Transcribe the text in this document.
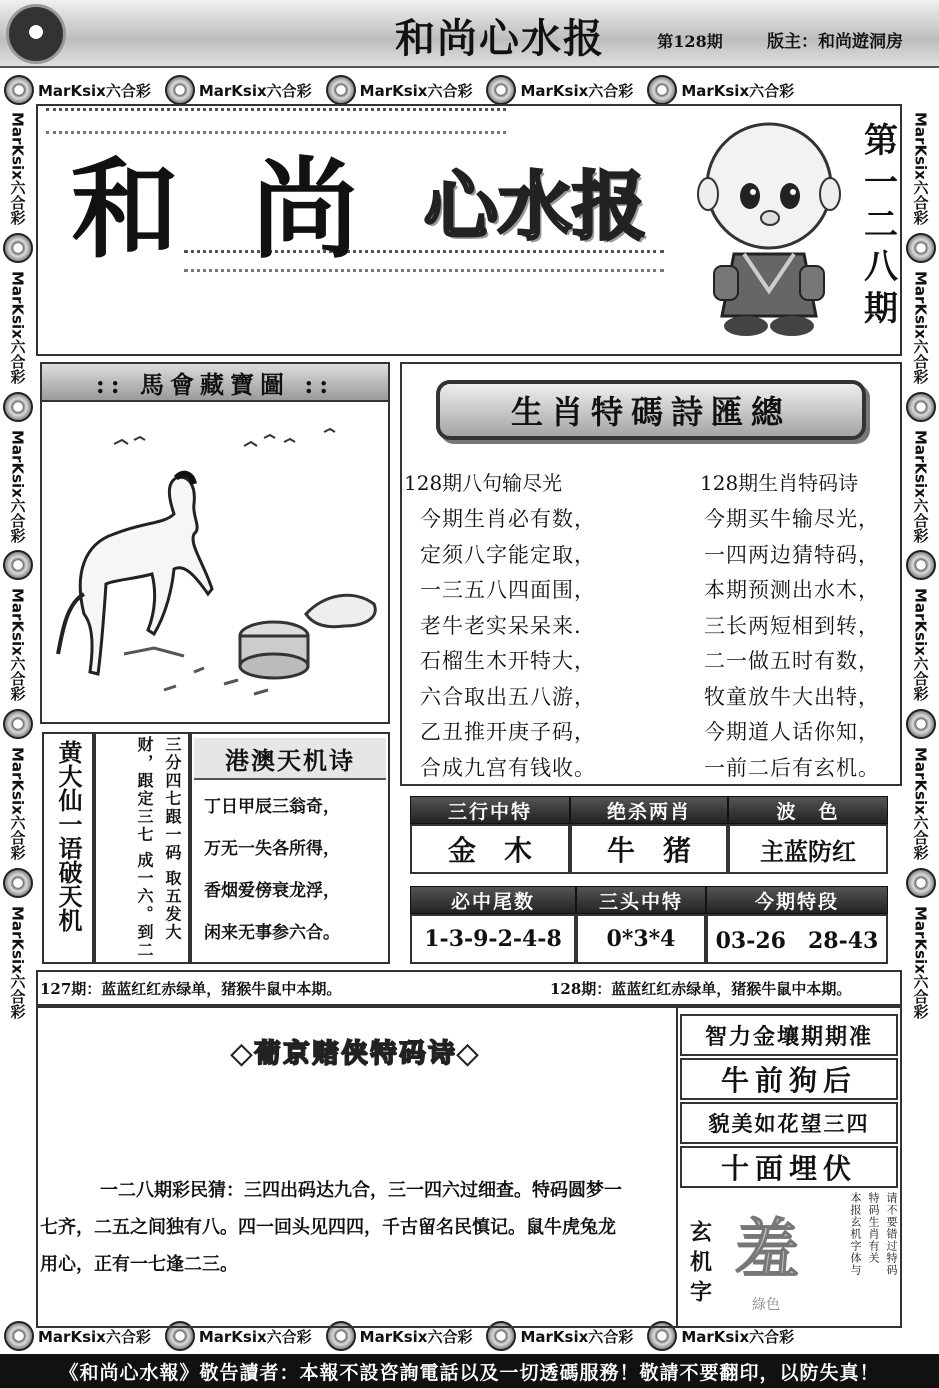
和尚心水报	第128期	版主：和尚遊洞房
MarKsix六合彩	MarKsix六合彩	MarKsix六合彩	MarKsix六合彩	MarKsix六合彩
MarKsix六合彩	MarKsix六合彩	MarKsix六合彩	MarKsix六合彩	MarKsix六合彩
MarKsix六合彩
MarKsix六合彩
MarKsix六合彩
MarKsix六合彩
MarKsix六合彩
MarKsix六合彩
MarKsix六合彩
MarKsix六合彩
MarKsix六合彩
MarKsix六合彩
MarKsix六合彩
MarKsix六合彩
和 尚 心水报	第一二八期
:: 馬會藏寶圖 ::
黄大仙一语破天机	三分四七跟一码 取五发大财，跟定三七 成一六。到二	港澳天机诗
丁日甲辰三翁奇，
万无一失各所得，
香烟爱傍衰龙浮，
闲来无事参六合。
生肖特碼詩匯總
128期八句输尽光
今期生肖必有数，
定须八字能定取，
一三五八四面围，
老牛老实呆呆来.
石榴生木开特大，
六合取出五八游，
乙丑推开庚子码，
合成九宫有钱收。
128期生肖特码诗
今期买牛输尽光，
一四两边猜特码，
本期预测出水木，
三长两短相到转，
二一做五时有数，
牧童放牛大出特，
今期道人话你知，
一前二后有玄机。
三行中特	绝杀两肖	波　色
金　木	牛　猪	主蓝防红
必中尾数	三头中特	今期特段
1-3-9-2-4-8	0*3*4	03-26　28-43
127期：蓝蓝红红赤绿单，猪猴牛鼠中本期。	128期：蓝蓝红红赤绿单，猪猴牛鼠中本期。
◆葡京赌侠特码诗◆
一二八期彩民猜：三四出码达九合，三一四六过细查。特码圆梦一
七齐，二五之间独有八。四一回头见四四，千古留名民慎记。鼠牛虎兔龙
用心，正有一七逢二三。
智力金壤期期准
牛前狗后
貌美如花望三四
十面埋伏
玄机字 羞
綠色
请不要错过特码
特码生肖有关
本报玄机字体与
《和尚心水報》敬告讀者：本報不設咨詢電話以及一切透碼服務！敬請不要翻印，以防失真！
